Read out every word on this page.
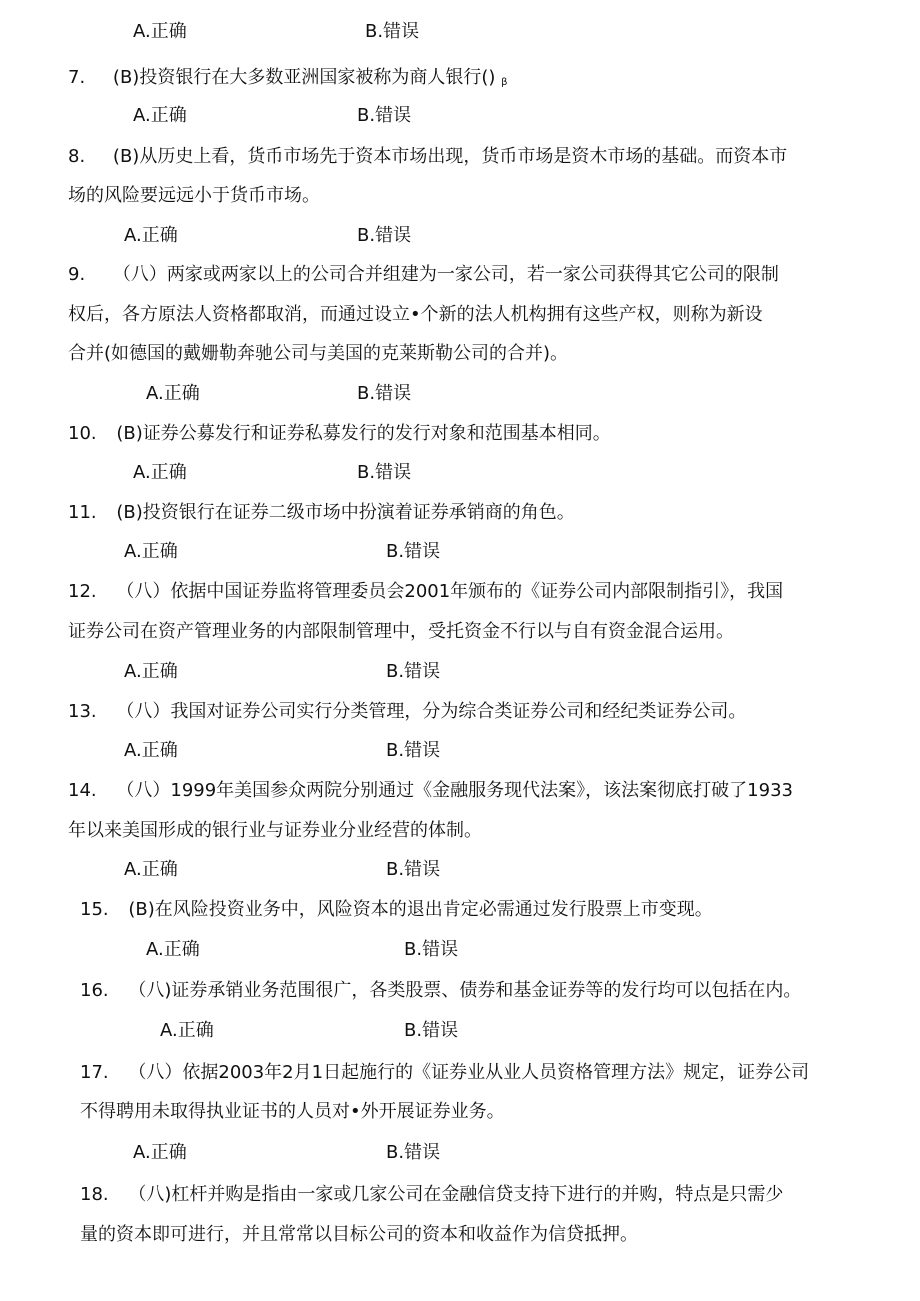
A.正确	B.错误
7. (B)投资银行在大多数亚洲国家被称为商人银行() $_\beta$
A.正确	B.错误
8. (B)从历史上看，货币市场先于资本市场出现，货币市场是资木市场的基础。而资本市
场的风险要远远小于货币市场。
A.正确	B.错误
9. （八）两家或两家以上的公司合并组建为一家公司，若一家公司获得其它公司的限制
权后，各方原法人资格都取消，而通过设立•个新的法人机构拥有这些产权，则称为新设
合并(如德国的戴姗勒奔驰公司与美国的克莱斯勒公司的合并)。
A.正确	B.错误
10. (B)证券公募发行和证券私募发行的发行对象和范围基本相同。
A.正确	B.错误
11. (B)投资银行在证券二级市场中扮演着证券承销商的角色。
A.正确	B.错误
12. （八）依据中国证券监将管理委员会2001年颁布的《证券公司内部限制指引》，我国
证券公司在资产管理业务的内部限制管理中，受托资金不行以与自有资金混合运用。
A.正确	B.错误
13. （八）我国对证券公司实行分类管理，分为综合类证券公司和经纪类证券公司。
A.正确	B.错误
14. （八）1999年美国参众两院分别通过《金融服务现代法案》，该法案彻底打破了1933
年以来美国形成的银行业与证券业分业经营的体制。
A.正确	B.错误
15. (B)在风险投资业务中，风险资本的退出肯定必需通过发行股票上市变现。
A.正确	B.错误
16. （八)证券承销业务范围很广，各类股票、债券和基金证券等的发行均可以包括在内。
A.正确	B.错误
17. （八）依据2003年2月1日起施行的《证券业从业人员资格管理方法》规定，证券公司
不得聘用未取得执业证书的人员对•外开展证券业务。
A.正确	B.错误
18. （八)杠杆并购是指由一家或几家公司在金融信贷支持下进行的并购，特点是只需少
量的资本即可进行，并且常常以目标公司的资本和收益作为信贷抵押。
